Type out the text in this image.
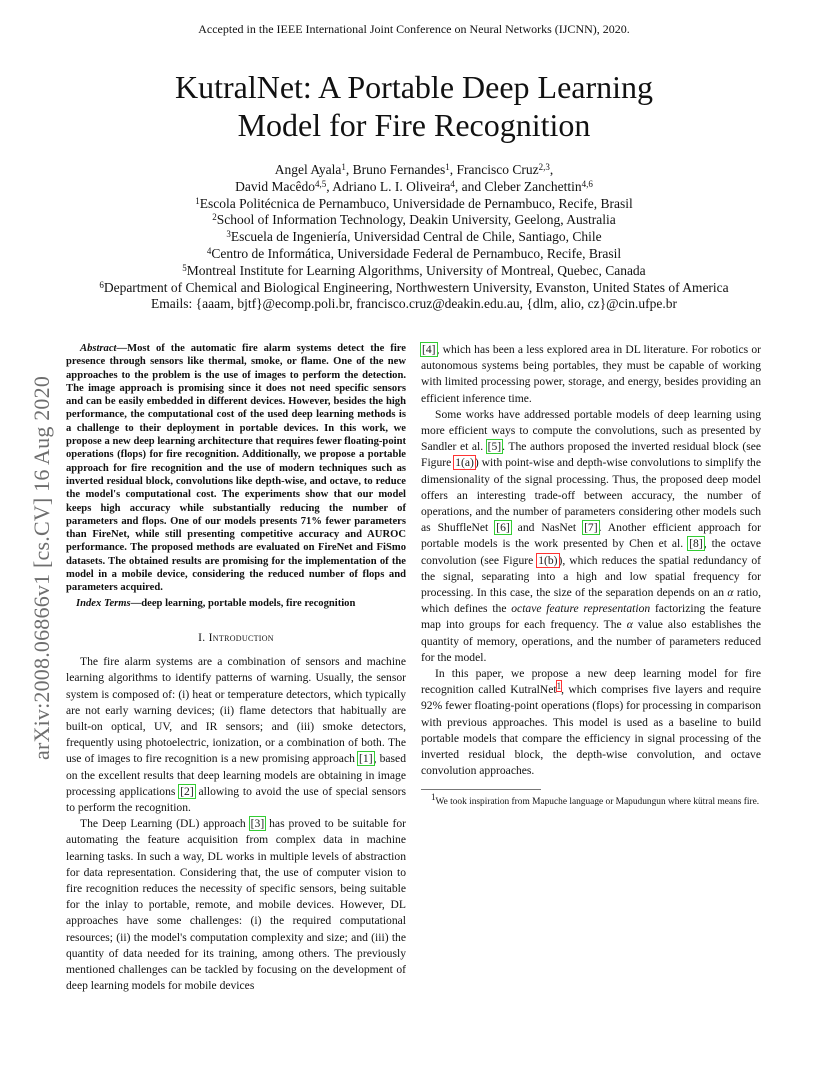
Accepted in the IEEE International Joint Conference on Neural Networks (IJCNN), 2020.
KutralNet: A Portable Deep Learning
Model for Fire Recognition
Angel Ayala$^1$, Bruno Fernandes$^1$, Francisco Cruz$^{2,3}$,
David Macêdo$^{4,5}$, Adriano L. I. Oliveira$^4$, and Cleber Zanchettin$^{4,6}$
$^1$Escola Politécnica de Pernambuco, Universidade de Pernambuco, Recife, Brasil
$^2$School of Information Technology, Deakin University, Geelong, Australia
$^3$Escuela de Ingeniería, Universidad Central de Chile, Santiago, Chile
$^4$Centro de Informática, Universidade Federal de Pernambuco, Recife, Brasil
$^5$Montreal Institute for Learning Algorithms, University of Montreal, Quebec, Canada
$^6$Department of Chemical and Biological Engineering, Northwestern University, Evanston, United States of America
Emails: {aaam, bjtf}@ecomp.poli.br, francisco.cruz@deakin.edu.au, {dlm, alio, cz}@cin.ufpe.br
arXiv:2008.06866v1 [cs.CV] 16 Aug 2020

Abstract—Most of the automatic fire alarm systems detect the fire presence through sensors like thermal, smoke, or flame. One of the new approaches to the problem is the use of images to perform the detection. The image approach is promising since it does not need specific sensors and can be easily embedded in different devices. However, besides the high performance, the computational cost of the used deep learning methods is a challenge to their deployment in portable devices. In this work, we propose a new deep learning architecture that requires fewer floating-point operations (flops) for fire recognition. Additionally, we propose a portable approach for fire recognition and the use of modern techniques such as inverted residual block, convolutions like depth-wise, and octave, to reduce the model's computational cost. The experiments show that our model keeps high accuracy while substantially reducing the number of parameters and flops. One of our models presents 71% fewer parameters than FireNet, while still presenting competitive accuracy and AUROC performance. The proposed methods are evaluated on FireNet and FiSmo datasets. The obtained results are promising for the implementation of the model in a mobile device, considering the reduced number of flops and parameters acquired.

Index Terms—deep learning, portable models, fire recognition

I. Introduction

The fire alarm systems are a combination of sensors and machine learning algorithms to identify patterns of warning. Usually, the sensor system is composed of: (i) heat or temperature detectors, which typically are not early warning devices; (ii) flame detectors that habitually are built-on optical, UV, and IR sensors; and (iii) smoke detectors, frequently using photoelectric, ionization, or a combination of both. The use of images to fire recognition is a new promising approach [1], based on the excellent results that deep learning models are obtaining in image processing applications [2] allowing to avoid the use of special sensors to perform the recognition.

The Deep Learning (DL) approach [3] has proved to be suitable for automating the feature acquisition from complex data in machine learning tasks. In such a way, DL works in multiple levels of abstraction for data representation. Considering that, the use of computer vision to fire recognition reduces the necessity of specific sensors, being suitable for the inlay to portable, remote, and mobile devices. However, DL approaches have some challenges: (i) the required computational resources; (ii) the model's computation complexity and size; and (iii) the quantity of data needed for its training, among others. The previously mentioned challenges can be tackled by focusing on the development of deep learning models for mobile devices

[4], which has been a less explored area in DL literature. For robotics or autonomous systems being portables, they must be capable of working with limited processing power, storage, and energy, besides providing an efficient inference time.

Some works have addressed portable models of deep learning using more efficient ways to compute the convolutions, such as presented by Sandler et al. [5]. The authors proposed the inverted residual block (see Figure 1(a)) with point-wise and depth-wise convolutions to simplify the dimensionality of the signal processing. Thus, the proposed deep model offers an interesting trade-off between accuracy, the number of operations, and the number of parameters considering other models such as ShuffleNet [6] and NasNet [7]. Another efficient approach for portable models is the work presented by Chen et al. [8], the octave convolution (see Figure 1(b)), which reduces the spatial redundancy of the signal, separating into a high and low spatial frequency for processing. In this case, the size of the separation depends on an α ratio, which defines the octave feature representation factorizing the feature map into groups for each frequency. The α value also establishes the quantity of memory, operations, and the number of parameters reduced for the model.

In this paper, we propose a new deep learning model for fire recognition called KutralNet$^1$, which comprises five layers and require 92% fewer floating-point operations (flops) for processing in comparison with previous approaches. This model is used as a baseline to build portable models that compare the efficiency in signal processing of the inverted residual block, the depth-wise convolution, and octave convolution approaches.

$^1$We took inspiration from Mapuche language or Mapudungun where kütral means fire.
